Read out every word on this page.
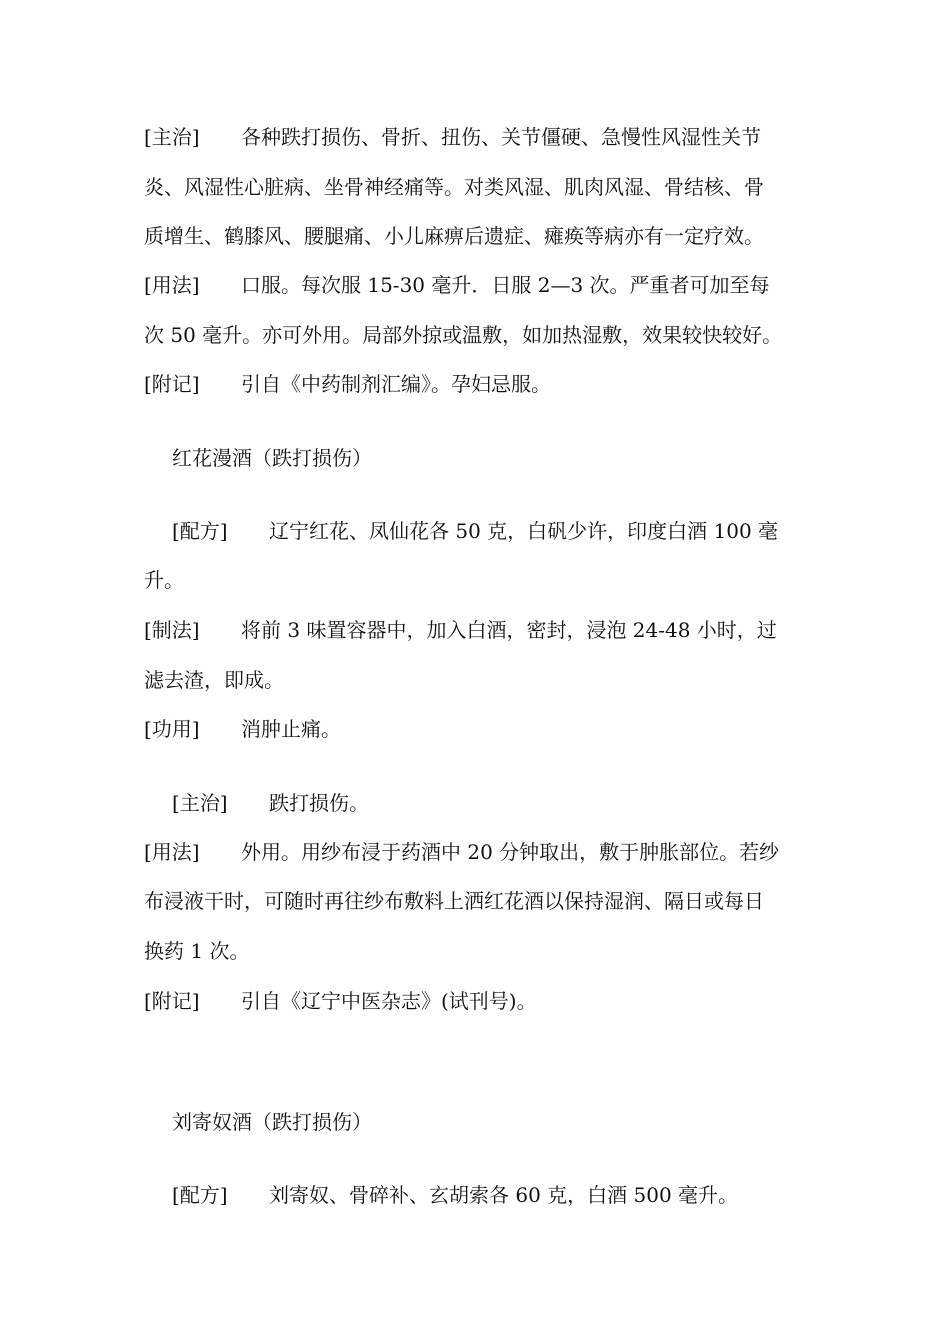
[主治] 各种跌打损伤、骨折、扭伤、关节僵硬、急慢性风湿性关节
炎、风湿性心脏病、坐骨神经痛等。对类风湿、肌肉风湿、骨结核、骨
质增生、鹤膝风、腰腿痛、小儿麻痹后遗症、瘫痪等病亦有一定疗效。
[用法] 口服。每次服 15-30 毫升．日服 2—3 次。严重者可加至每
次 50 毫升。亦可外用。局部外掠或温敷，如加热湿敷，效果较快较好。
[附记] 引自《中药制剂汇编》。孕妇忌服。
红花漫酒（跌打损伤）
[配方] 辽宁红花、凤仙花各 50 克，白矾少许，印度白酒 100 毫
升。
[制法] 将前 3 味置容器中，加入白酒，密封，浸泡 24-48 小时，过
滤去渣，即成。
[功用] 消肿止痛。
[主治] 跌打损伤。
[用法] 外用。用纱布浸于药酒中 20 分钟取出，敷于肿胀部位。若纱
布浸液干时，可随时再往纱布敷料上洒红花酒以保持湿润、隔日或每日
换药 1 次。
[附记] 引自《辽宁中医杂志》(试刊号)。
刘寄奴酒（跌打损伤）
[配方] 刘寄奴、骨碎补、玄胡索各 60 克，白酒 500 毫升。
